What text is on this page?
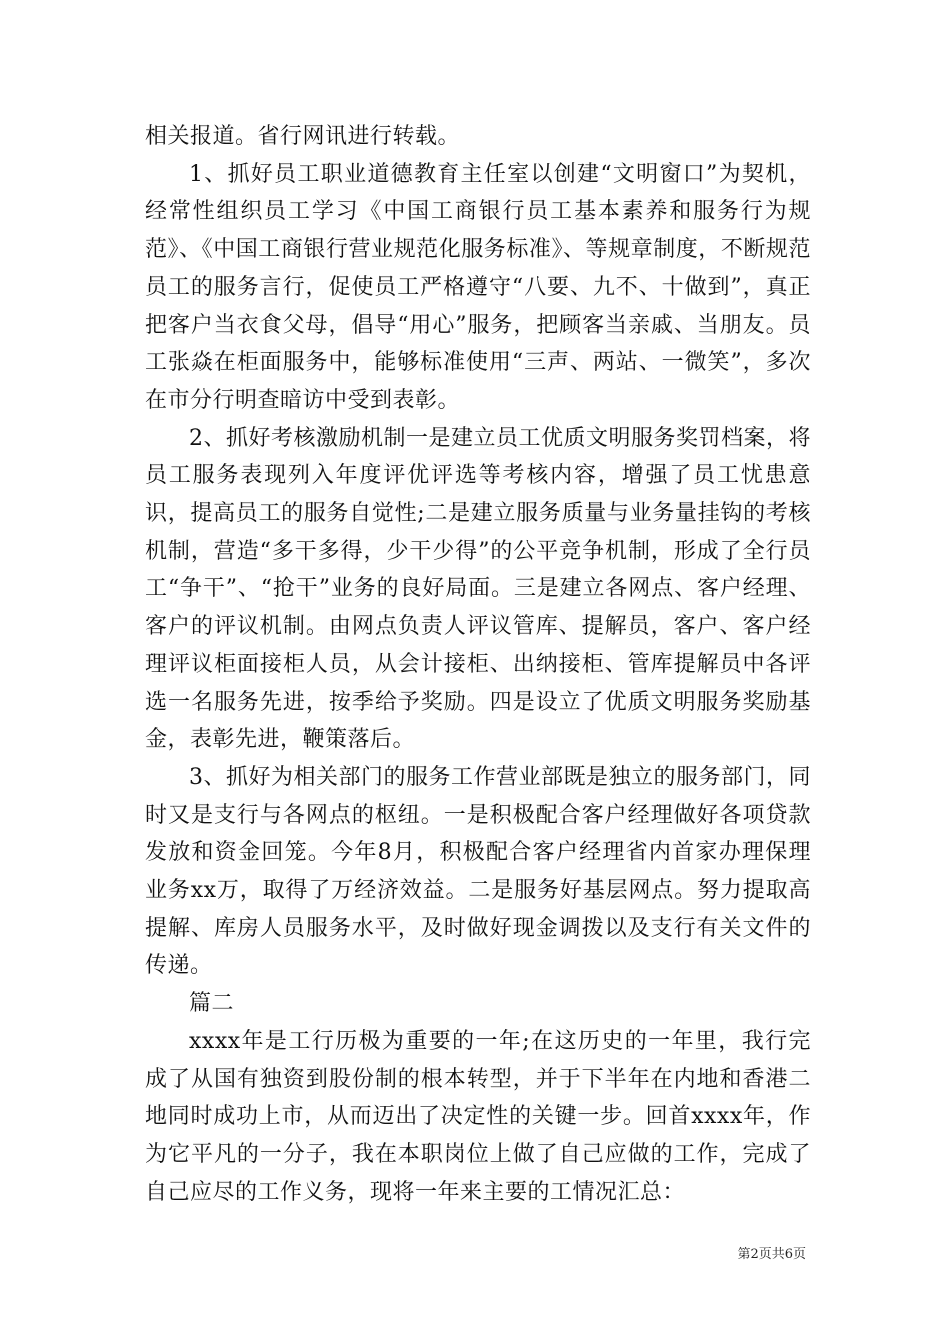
相关报道。省行网讯进行转载。

1、抓好员工职业道德教育主任室以创建“文明窗口”为契机，经常性组织员工学习《中国工商银行员工基本素养和服务行为规范》、《中国工商银行营业规范化服务标准》、等规章制度，不断规范员工的服务言行，促使员工严格遵守“八要、九不、十做到”，真正把客户当衣食父母，倡导“用心”服务，把顾客当亲戚、当朋友。员工张焱在柜面服务中，能够标准使用“三声、两站、一微笑”，多次在市分行明查暗访中受到表彰。

2、抓好考核激励机制一是建立员工优质文明服务奖罚档案，将员工服务表现列入年度评优评选等考核内容，增强了员工忧患意识，提高员工的服务自觉性;二是建立服务质量与业务量挂钩的考核机制，营造“多干多得，少干少得”的公平竞争机制，形成了全行员工“争干”、“抢干”业务的良好局面。三是建立各网点、客户经理、客户的评议机制。由网点负责人评议管库、提解员，客户、客户经理评议柜面接柜人员，从会计接柜、出纳接柜、管库提解员中各评选一名服务先进，按季给予奖励。四是设立了优质文明服务奖励基金，表彰先进，鞭策落后。

3、抓好为相关部门的服务工作营业部既是独立的服务部门，同时又是支行与各网点的枢纽。一是积极配合客户经理做好各项贷款发放和资金回笼。今年8月，积极配合客户经理省内首家办理保理业务xx万，取得了万经济效益。二是服务好基层网点。努力提取高提解、库房人员服务水平，及时做好现金调拨以及支行有关文件的传递。

篇二

xxxx年是工行历极为重要的一年;在这历史的一年里，我行完成了从国有独资到股份制的根本转型，并于下半年在内地和香港二地同时成功上市，从而迈出了决定性的关键一步。回首xxxx年，作为它平凡的一分子，我在本职岗位上做了自己应做的工作，完成了自己应尽的工作义务，现将一年来主要的工情况汇总：

第2页共6页
